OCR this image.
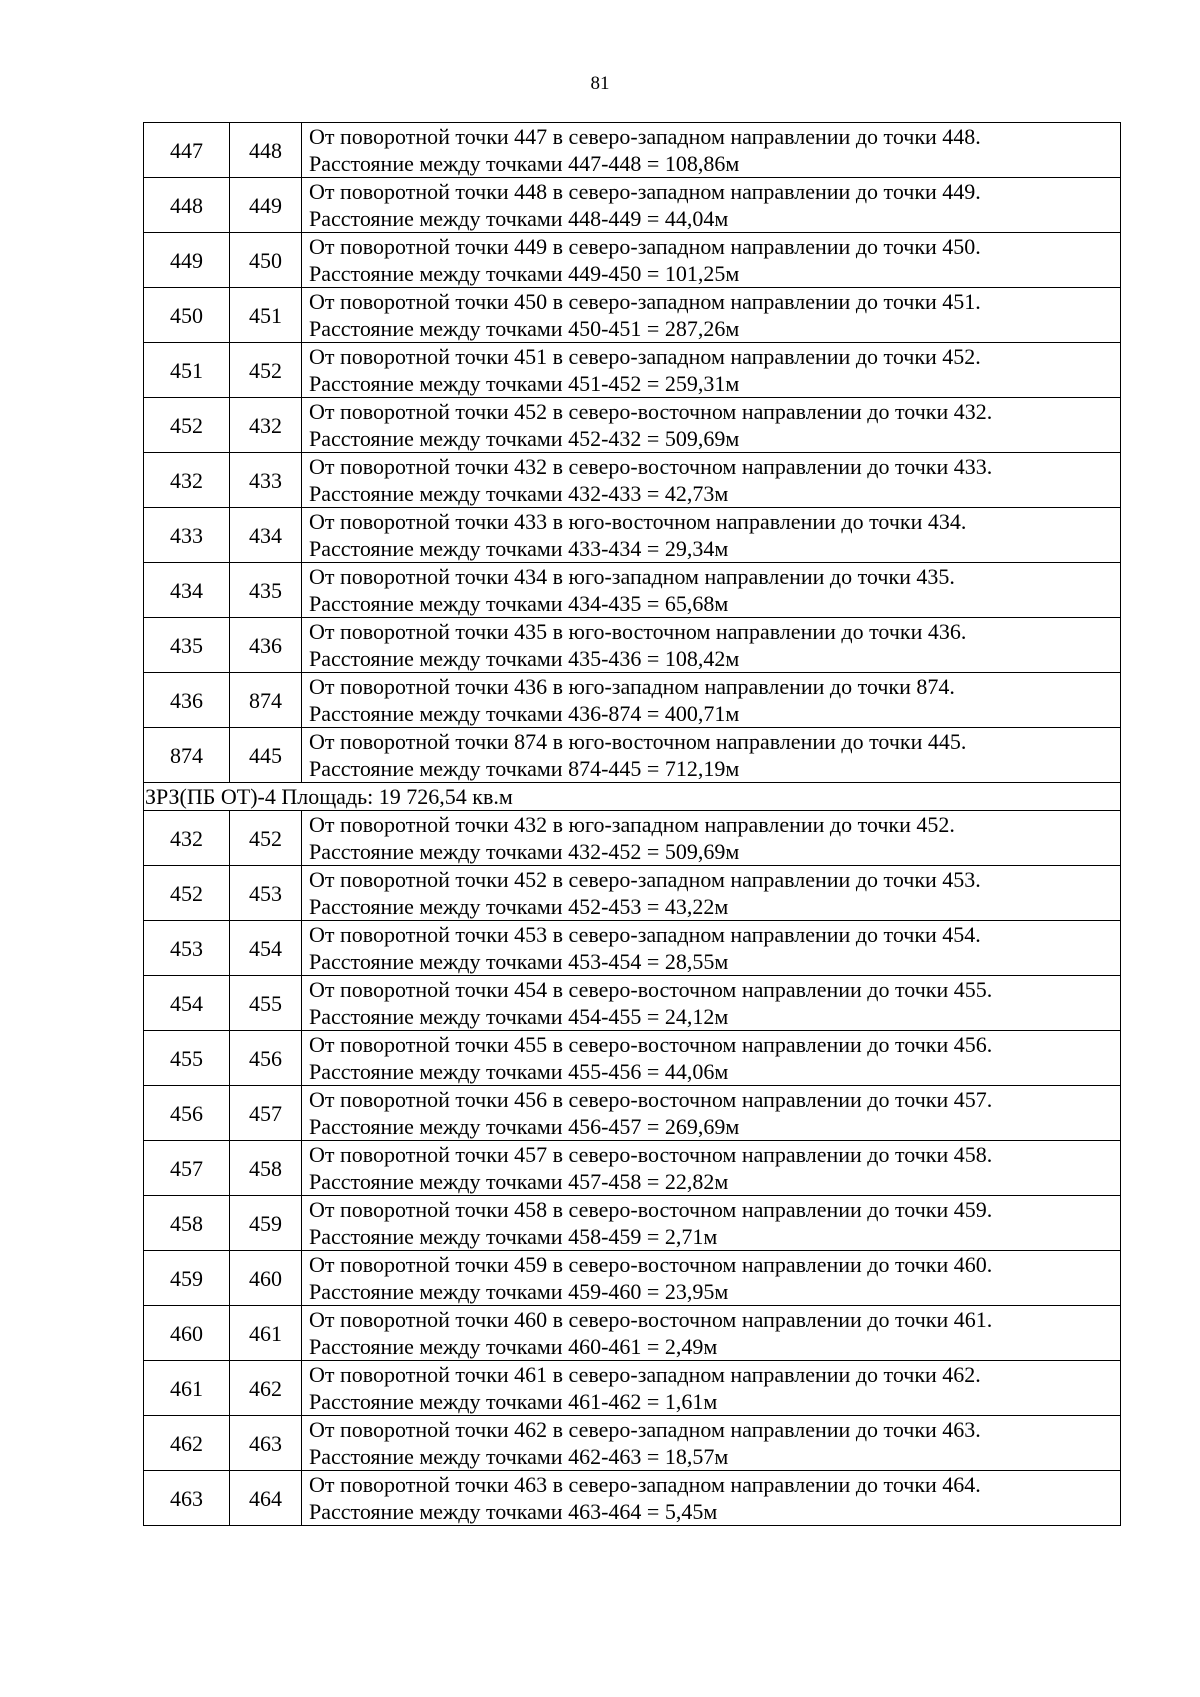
81
447	448	От поворотной точки 447 в северо-западном направлении до точки 448.
Расстояние между точками 447-448 = 108,86м

448	449	От поворотной точки 448 в северо-западном направлении до точки 449.
Расстояние между точками 448-449 = 44,04м

449	450	От поворотной точки 449 в северо-западном направлении до точки 450.
Расстояние между точками 449-450 = 101,25м

450	451	От поворотной точки 450 в северо-западном направлении до точки 451.
Расстояние между точками 450-451 = 287,26м

451	452	От поворотной точки 451 в северо-западном направлении до точки 452.
Расстояние между точками 451-452 = 259,31м

452	432	От поворотной точки 452 в северо-восточном направлении до точки 432.
Расстояние между точками 452-432 = 509,69м

432	433	От поворотной точки 432 в северо-восточном направлении до точки 433.
Расстояние между точками 432-433 = 42,73м

433	434	От поворотной точки 433 в юго-восточном направлении до точки 434.
Расстояние между точками 433-434 = 29,34м

434	435	От поворотной точки 434 в юго-западном направлении до точки 435.
Расстояние между точками 434-435 = 65,68м

435	436	От поворотной точки 435 в юго-восточном направлении до точки 436.
Расстояние между точками 435-436 = 108,42м

436	874	От поворотной точки 436 в юго-западном направлении до точки 874.
Расстояние между точками 436-874 = 400,71м

874	445	От поворотной точки 874 в юго-восточном направлении до точки 445.
Расстояние между точками 874-445 = 712,19м

ЗРЗ(ПБ ОТ)-4 Площадь: 19 726,54 кв.м		
432	452	От поворотной точки 432 в юго-западном направлении до точки 452.
Расстояние между точками 432-452 = 509,69м

452	453	От поворотной точки 452 в северо-западном направлении до точки 453.
Расстояние между точками 452-453 = 43,22м

453	454	От поворотной точки 453 в северо-западном направлении до точки 454.
Расстояние между точками 453-454 = 28,55м

454	455	От поворотной точки 454 в северо-восточном направлении до точки 455.
Расстояние между точками 454-455 = 24,12м

455	456	От поворотной точки 455 в северо-восточном направлении до точки 456.
Расстояние между точками 455-456 = 44,06м

456	457	От поворотной точки 456 в северо-восточном направлении до точки 457.
Расстояние между точками 456-457 = 269,69м

457	458	От поворотной точки 457 в северо-восточном направлении до точки 458.
Расстояние между точками 457-458 = 22,82м

458	459	От поворотной точки 458 в северо-восточном направлении до точки 459.
Расстояние между точками 458-459 = 2,71м

459	460	От поворотной точки 459 в северо-восточном направлении до точки 460.
Расстояние между точками 459-460 = 23,95м

460	461	От поворотной точки 460 в северо-восточном направлении до точки 461.
Расстояние между точками 460-461 = 2,49м

461	462	От поворотной точки 461 в северо-западном направлении до точки 462.
Расстояние между точками 461-462 = 1,61м

462	463	От поворотной точки 462 в северо-западном направлении до точки 463.
Расстояние между точками 462-463 = 18,57м

463	464	От поворотной точки 463 в северо-западном направлении до точки 464.
Расстояние между точками 463-464 = 5,45м
